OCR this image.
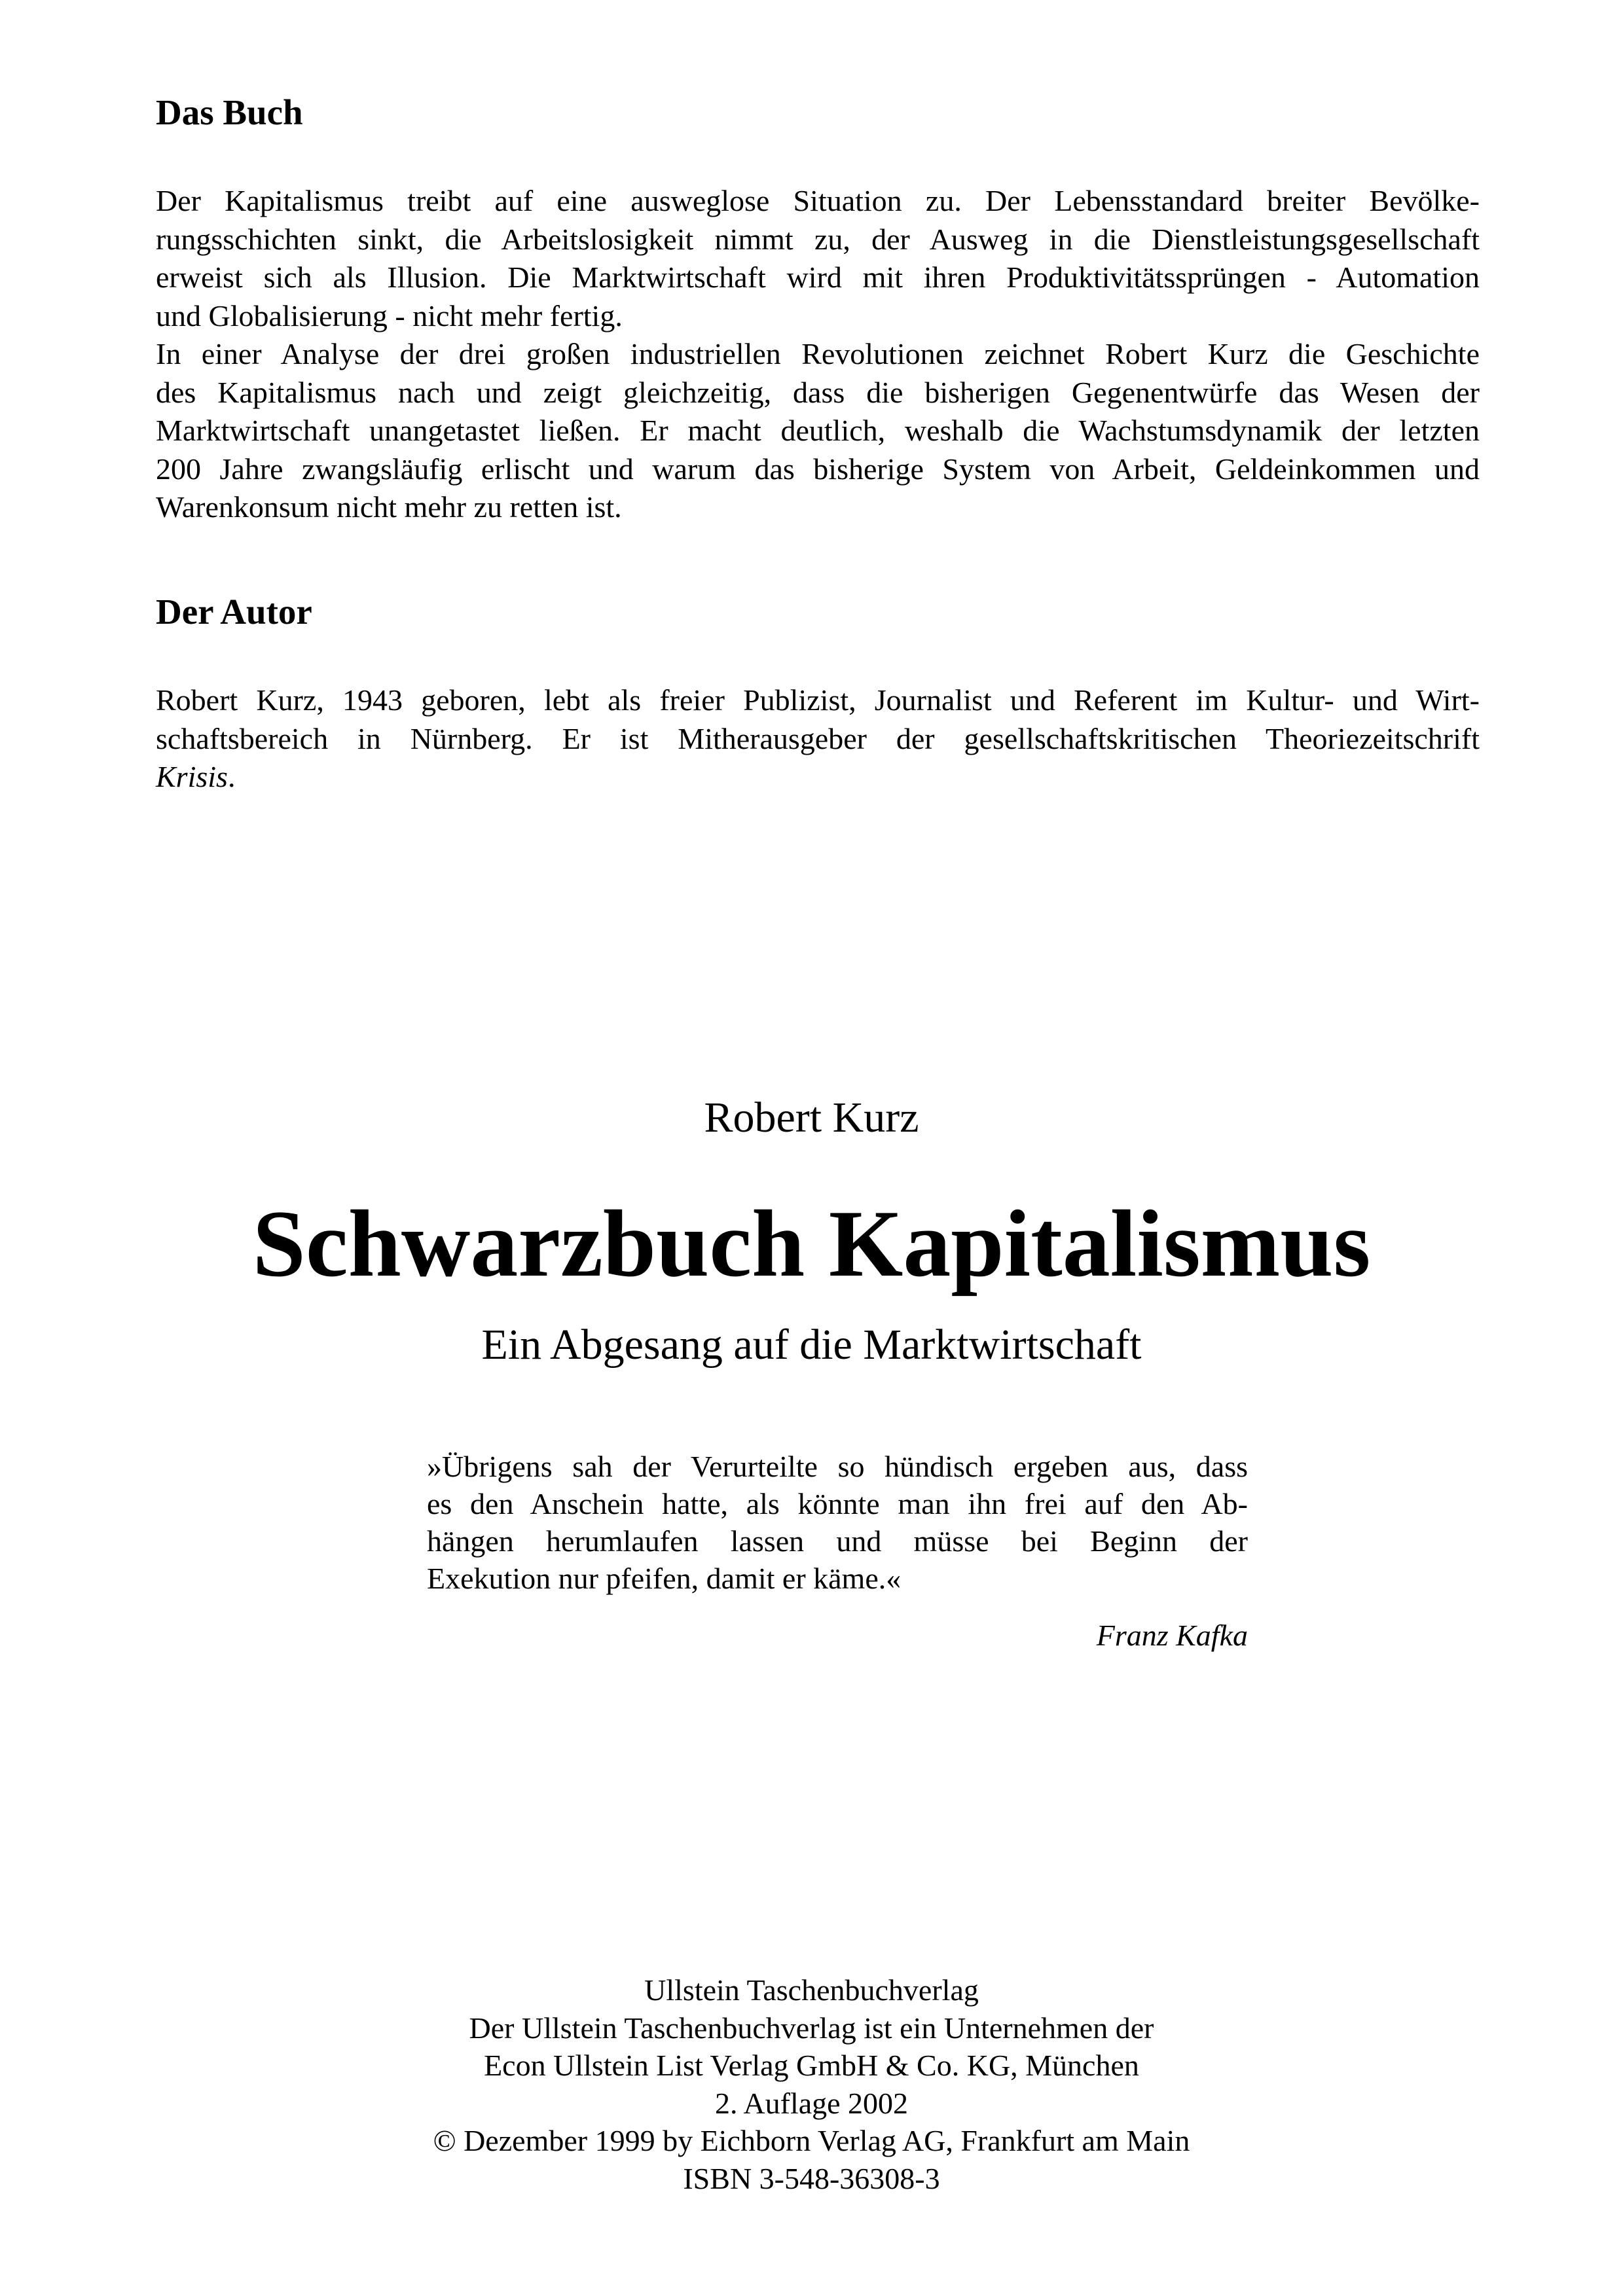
Das Buch
Der Kapitalismus treibt auf eine ausweglose Situation zu. Der Lebensstandard breiter Bevölke-
rungsschichten sinkt, die Arbeitslosigkeit nimmt zu, der Ausweg in die Dienstleistungsgesellschaft
erweist sich als Illusion. Die Marktwirtschaft wird mit ihren Produktivitätssprüngen - Automation
und Globalisierung - nicht mehr fertig.
In einer Analyse der drei großen industriellen Revolutionen zeichnet Robert Kurz die Geschichte
des Kapitalismus nach und zeigt gleichzeitig, dass die bisherigen Gegenentwürfe das Wesen der
Marktwirtschaft unangetastet ließen. Er macht deutlich, weshalb die Wachstumsdynamik der letzten
200 Jahre zwangsläufig erlischt und warum das bisherige System von Arbeit, Geldeinkommen und
Warenkonsum nicht mehr zu retten ist.
Der Autor
Robert Kurz, 1943 geboren, lebt als freier Publizist, Journalist und Referent im Kultur- und Wirt-
schaftsbereich in Nürnberg. Er ist Mitherausgeber der gesellschaftskritischen Theoriezeitschrift
Krisis.

Robert Kurz

Schwarzbuch Kapitalismus

Ein Abgesang auf die Marktwirtschaft

»Übrigens sah der Verurteilte so hündisch ergeben aus, dass
es den Anschein hatte, als könnte man ihn frei auf den Ab-
hängen herumlaufen lassen und müsse bei Beginn der
Exekution nur pfeifen, damit er käme.«

Franz Kafka

Ullstein Taschenbuchverlag
Der Ullstein Taschenbuchverlag ist ein Unternehmen der
Econ Ullstein List Verlag GmbH & Co. KG, München
2. Auflage 2002
© Dezember 1999 by Eichborn Verlag AG, Frankfurt am Main
ISBN 3-548-36308-3
